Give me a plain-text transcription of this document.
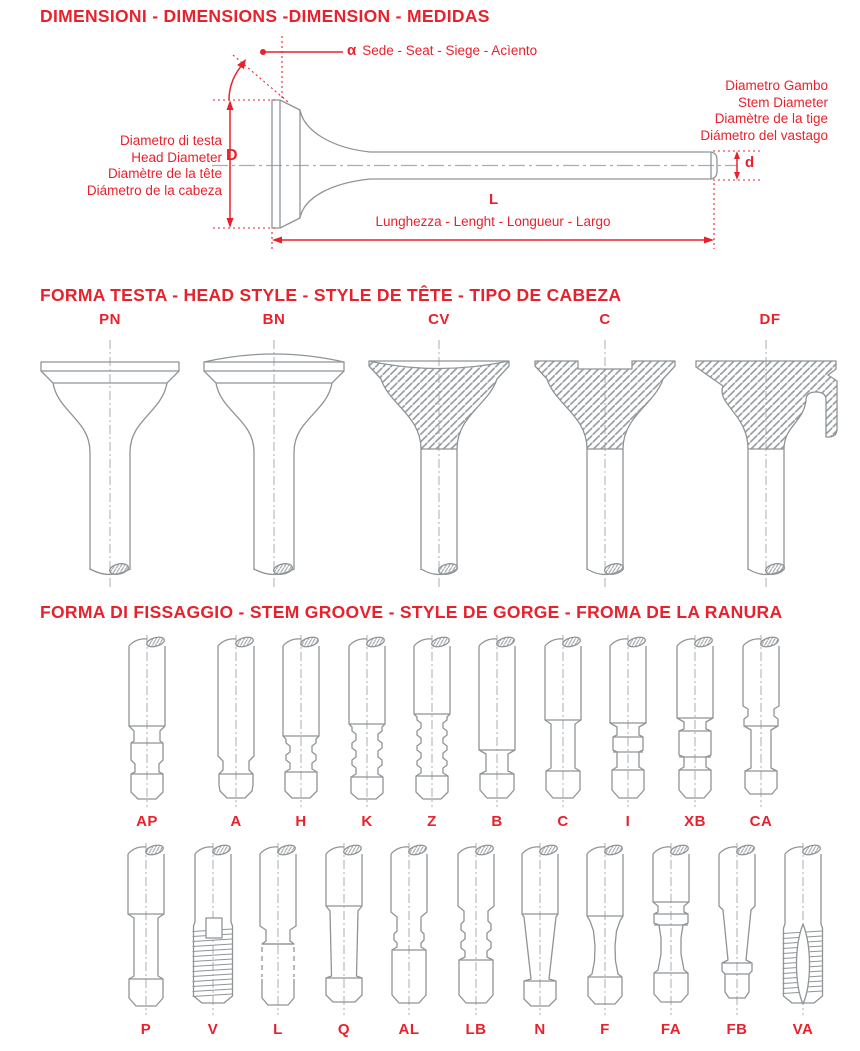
DIMENSIONI - DIMENSIONS -DIMENSION - MEDIDAS
α Sede - Seat - Siege - Acìento
Diametro Gambo
Stem Diameter
Diamètre de la tige
Diámetro del vastago
Diametro di testa
Head Diameter
Diamètre de la tête
Diámetro de la cabeza
D	d
L
Lunghezza - Lenght - Longueur - Largo
FORMA TESTA - HEAD STYLE - STYLE DE TÊTE - TIPO DE CABEZA
PN	BN	CV	C	DF
FORMA DI FISSAGGIO - STEM GROOVE - STYLE DE GORGE - FROMA DE LA RANURA
AP	A	H	K	Z	B	C	I	XB	CA
P	V	L	Q	AL	LB	N	F	FA	FB	VA
